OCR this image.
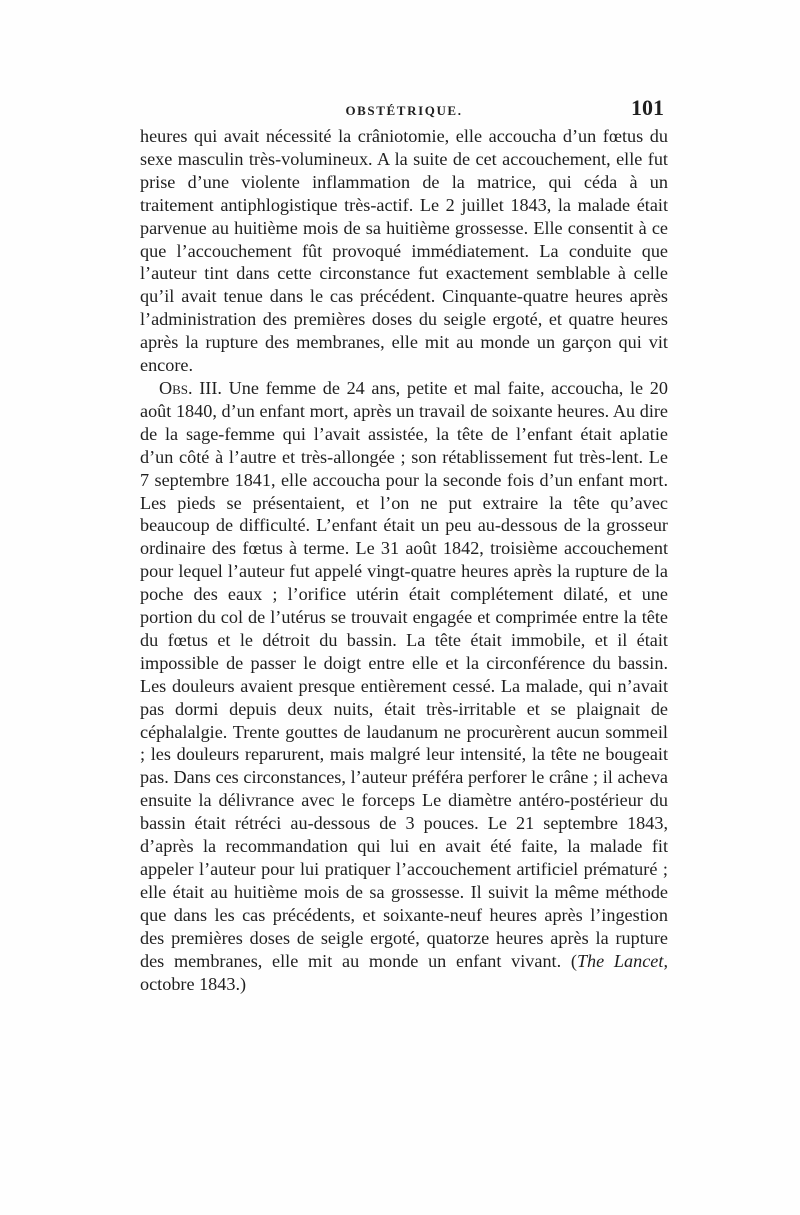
OBSTÉTRIQUE.	101

heures qui avait nécessité la crâniotomie, elle accoucha d’un fœtus du sexe masculin très-volumineux. A la suite de cet accouchement, elle fut prise d’une violente inflammation de la matrice, qui céda à un traitement antiphlogistique très-actif. Le 2 juillet 1843, la malade était parvenue au huitième mois de sa huitième grossesse. Elle consentit à ce que l’accouchement fût provoqué immédiatement. La conduite que l’auteur tint dans cette circonstance fut exactement semblable à celle qu’il avait tenue dans le cas précédent. Cinquante-quatre heures après l’administration des premières doses du seigle ergoté, et quatre heures après la rupture des membranes, elle mit au monde un garçon qui vit encore.

Obs. III. Une femme de 24 ans, petite et mal faite, accoucha, le 20 août 1840, d’un enfant mort, après un travail de soixante heures. Au dire de la sage-femme qui l’avait assistée, la tête de l’enfant était aplatie d’un côté à l’autre et très-allongée ; son rétablissement fut très-lent. Le 7 septembre 1841, elle accoucha pour la seconde fois d’un enfant mort. Les pieds se présentaient, et l’on ne put extraire la tête qu’avec beaucoup de difficulté. L’enfant était un peu au-dessous de la grosseur ordinaire des fœtus à terme. Le 31 août 1842, troisième accouchement pour lequel l’auteur fut appelé vingt-quatre heures après la rupture de la poche des eaux ; l’orifice utérin était complétement dilaté, et une portion du col de l’utérus se trouvait engagée et comprimée entre la tête du fœtus et le détroit du bassin. La tête était immobile, et il était impossible de passer le doigt entre elle et la circonférence du bassin. Les douleurs avaient presque entièrement cessé. La malade, qui n’avait pas dormi depuis deux nuits, était très-irritable et se plaignait de céphalalgie. Trente gouttes de laudanum ne procurèrent aucun sommeil ; les douleurs reparurent, mais malgré leur intensité, la tête ne bougeait pas. Dans ces circonstances, l’auteur préféra perforer le crâne ; il acheva ensuite la délivrance avec le forceps Le diamètre antéro-postérieur du bassin était rétréci au-dessous de 3 pouces. Le 21 septembre 1843, d’après la recommandation qui lui en avait été faite, la malade fit appeler l’auteur pour lui pratiquer l’accouchement artificiel prématuré ; elle était au huitième mois de sa grossesse. Il suivit la même méthode que dans les cas précédents, et soixante-neuf heures après l’ingestion des premières doses de seigle ergoté, quatorze heures après la rupture des membranes, elle mit au monde un enfant vivant. (The Lancet, octobre 1843.)
